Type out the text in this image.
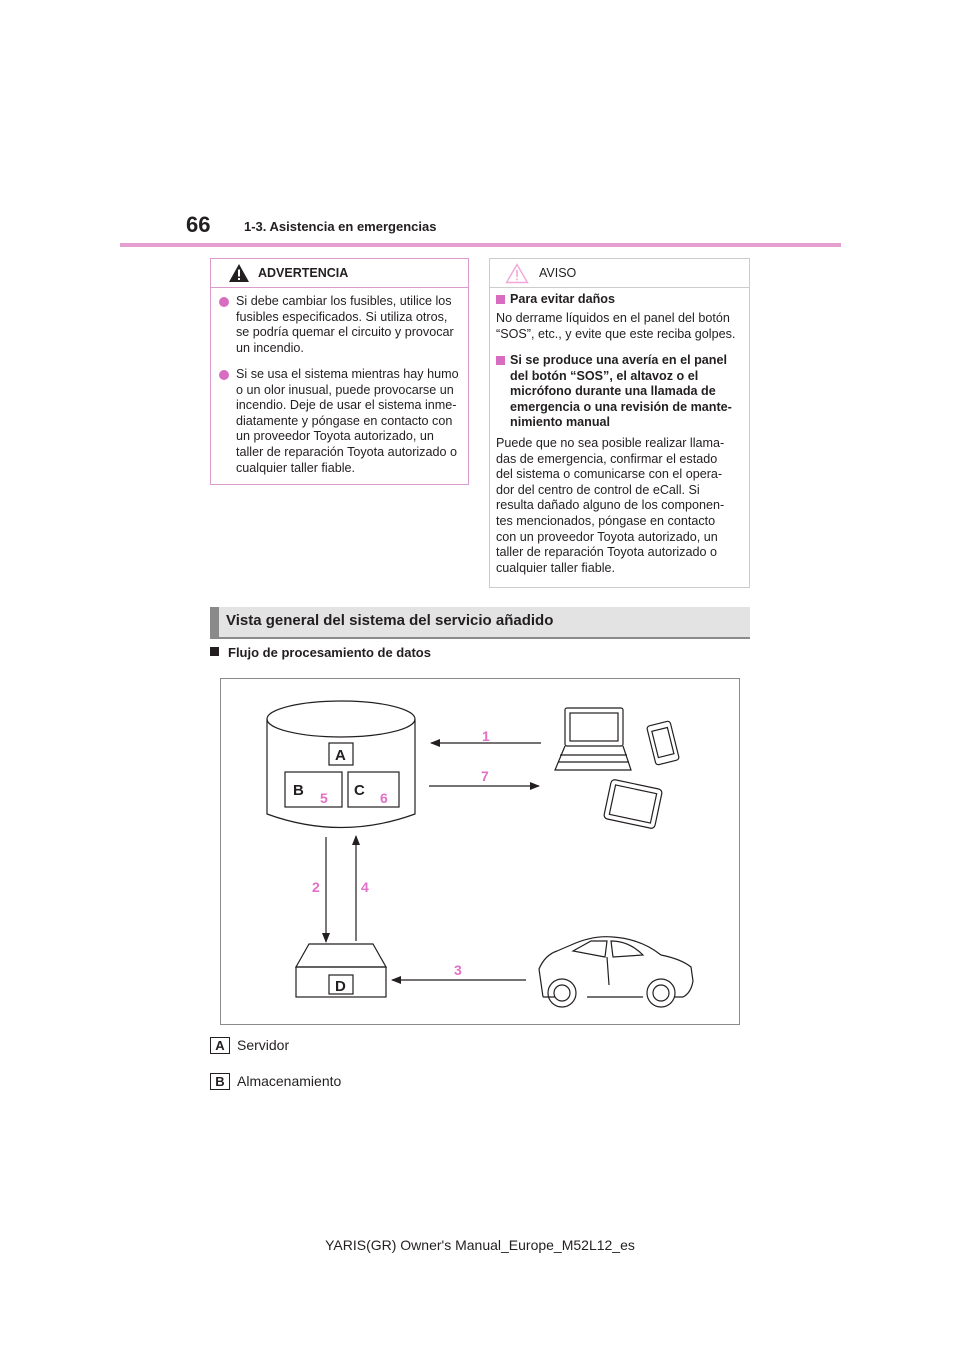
66	1-3. Asistencia en emergencias
ADVERTENCIA
Si debe cambiar los fusibles, utilice los
fusibles especificados. Si utiliza otros,
se podría quemar el circuito y provocar
un incendio.
Si se usa el sistema mientras hay humo
o un olor inusual, puede provocarse un
incendio. Deje de usar el sistema inme-
diatamente y póngase en contacto con
un proveedor Toyota autorizado, un
taller de reparación Toyota autorizado o
cualquier taller fiable.
AVISO
Para evitar daños
No derrame líquidos en el panel del botón
“SOS”, etc., y evite que este reciba golpes.
Si se produce una avería en el panel
del botón “SOS”, el altavoz o el
micrófono durante una llamada de
emergencia o una revisión de mante-
nimiento manual
Puede que no sea posible realizar llama-
das de emergencia, confirmar el estado
del sistema o comunicarse con el opera-
dor del centro de control de eCall. Si
resulta dañado alguno de los componen-
tes mencionados, póngase en contacto
con un proveedor Toyota autorizado, un
taller de reparación Toyota autorizado o
cualquier taller fiable.
Vista general del sistema del servicio añadido
Flujo de procesamiento de datos
A
B	C
D
1
7
5	6
2	4
3
A Servidor
B Almacenamiento
YARIS(GR) Owner's Manual_Europe_M52L12_es
